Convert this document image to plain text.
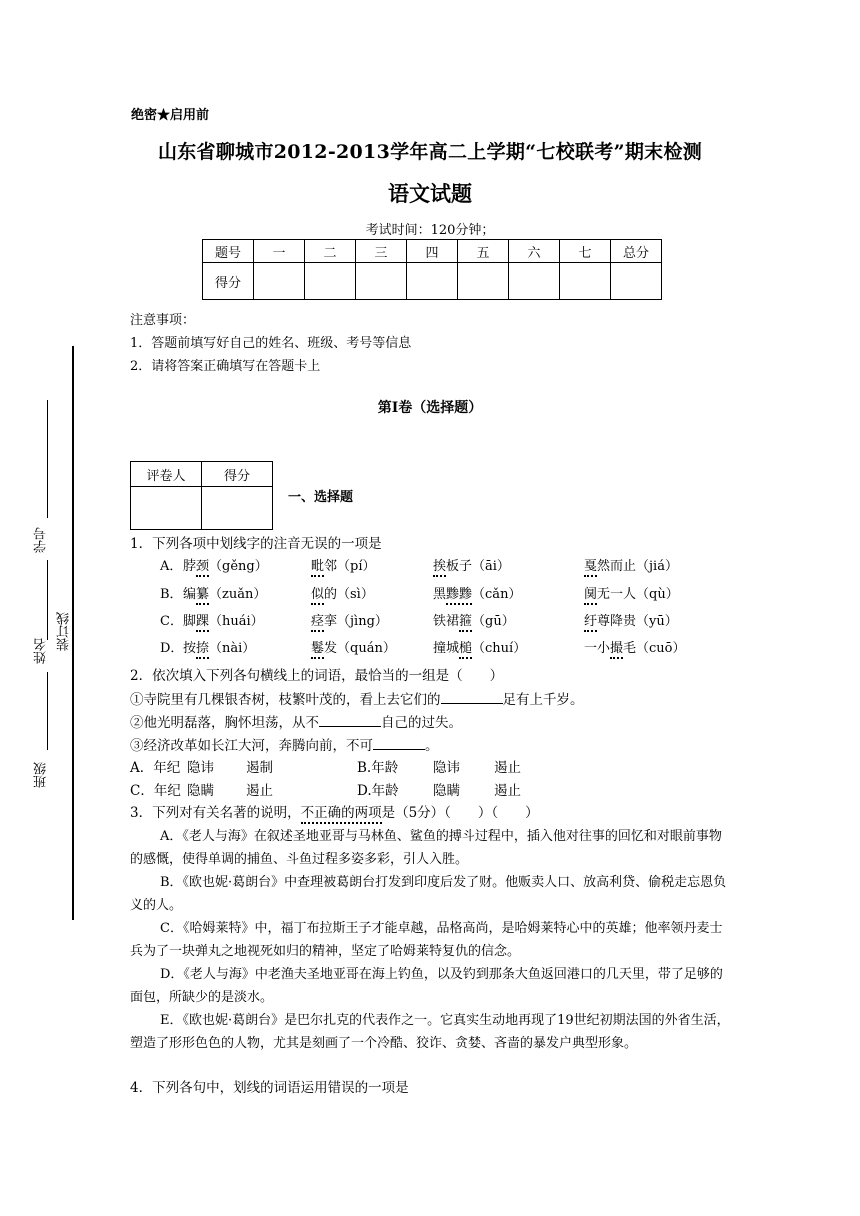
绝密★启用前
山东省聊城市2012-2013学年高二上学期“七校联考”期末检测
语文试题
考试时间：120分钟；
题号	一	二	三	四	五	六	七	总分
得分								
注意事项：
1．答题前填写好自己的姓名、班级、考号等信息
2．请将答案正确填写在答题卡上
第Ⅰ卷（选择题）
评卷人	得分

一、选择题
学号
姓名 装订线
班级
1．下列各项中划线字的注音无误的一项是
A． 脖颈（gěng）	毗邻（pí）	挨板子（āi）	戛然而止（jiá）
B． 编纂（zuǎn）	似的（sì）	黑黪黪（cǎn）	阒无一人（qù）
C． 脚踝（huái）	痉挛（jìng）	铁裙箍（gū）	纡尊降贵（yū）
D． 按捺（nài）	鬈发（quán）	撞城槌（chuí）	一小撮毛（cuō）
2．依次填入下列各句横线上的词语，最恰当的一组是（　　）
①寺院里有几棵银杏树，枝繁叶茂的，看上去它们的	足有上千岁。
②他光明磊落，胸怀坦荡，从不	自己的过失。
③经济改革如长江大河，奔腾向前，不可	。
A．年纪 隐讳 遏制	B.年龄	隐讳	遏止
C．年纪 隐瞒 遏止	D.年龄	隐瞒	遏止
3．下列对有关名著的说明，不正确的两项是（5分）（　　）（　　）
A．《老人与海》在叙述圣地亚哥与马林鱼、鲨鱼的搏斗过程中，插入他对往事的回忆和对眼前事物的感慨，使得单调的捕鱼、斗鱼过程多姿多彩，引人入胜。
B．《欧也妮·葛朗台》中查理被葛朗台打发到印度后发了财。他贩卖人口、放高利贷、偷税走忘恩负义的人。
C．《哈姆莱特》中，福丁布拉斯王子才能卓越，品格高尚，是哈姆莱特心中的英雄；他率领丹麦士兵为了一块弹丸之地视死如归的精神，坚定了哈姆莱特复仇的信念。
D．《老人与海》中老渔夫圣地亚哥在海上钓鱼，以及钓到那条大鱼返回港口的几天里，带了足够的面包，所缺少的是淡水。
E．《欧也妮·葛朗台》是巴尔扎克的代表作之一。它真实生动地再现了19世纪初期法国的外省生活，塑造了形形色色的人物，尤其是刻画了一个冷酷、狡诈、贪婪、吝啬的暴发户典型形象。
4．下列各句中，划线的词语运用错误的一项是
